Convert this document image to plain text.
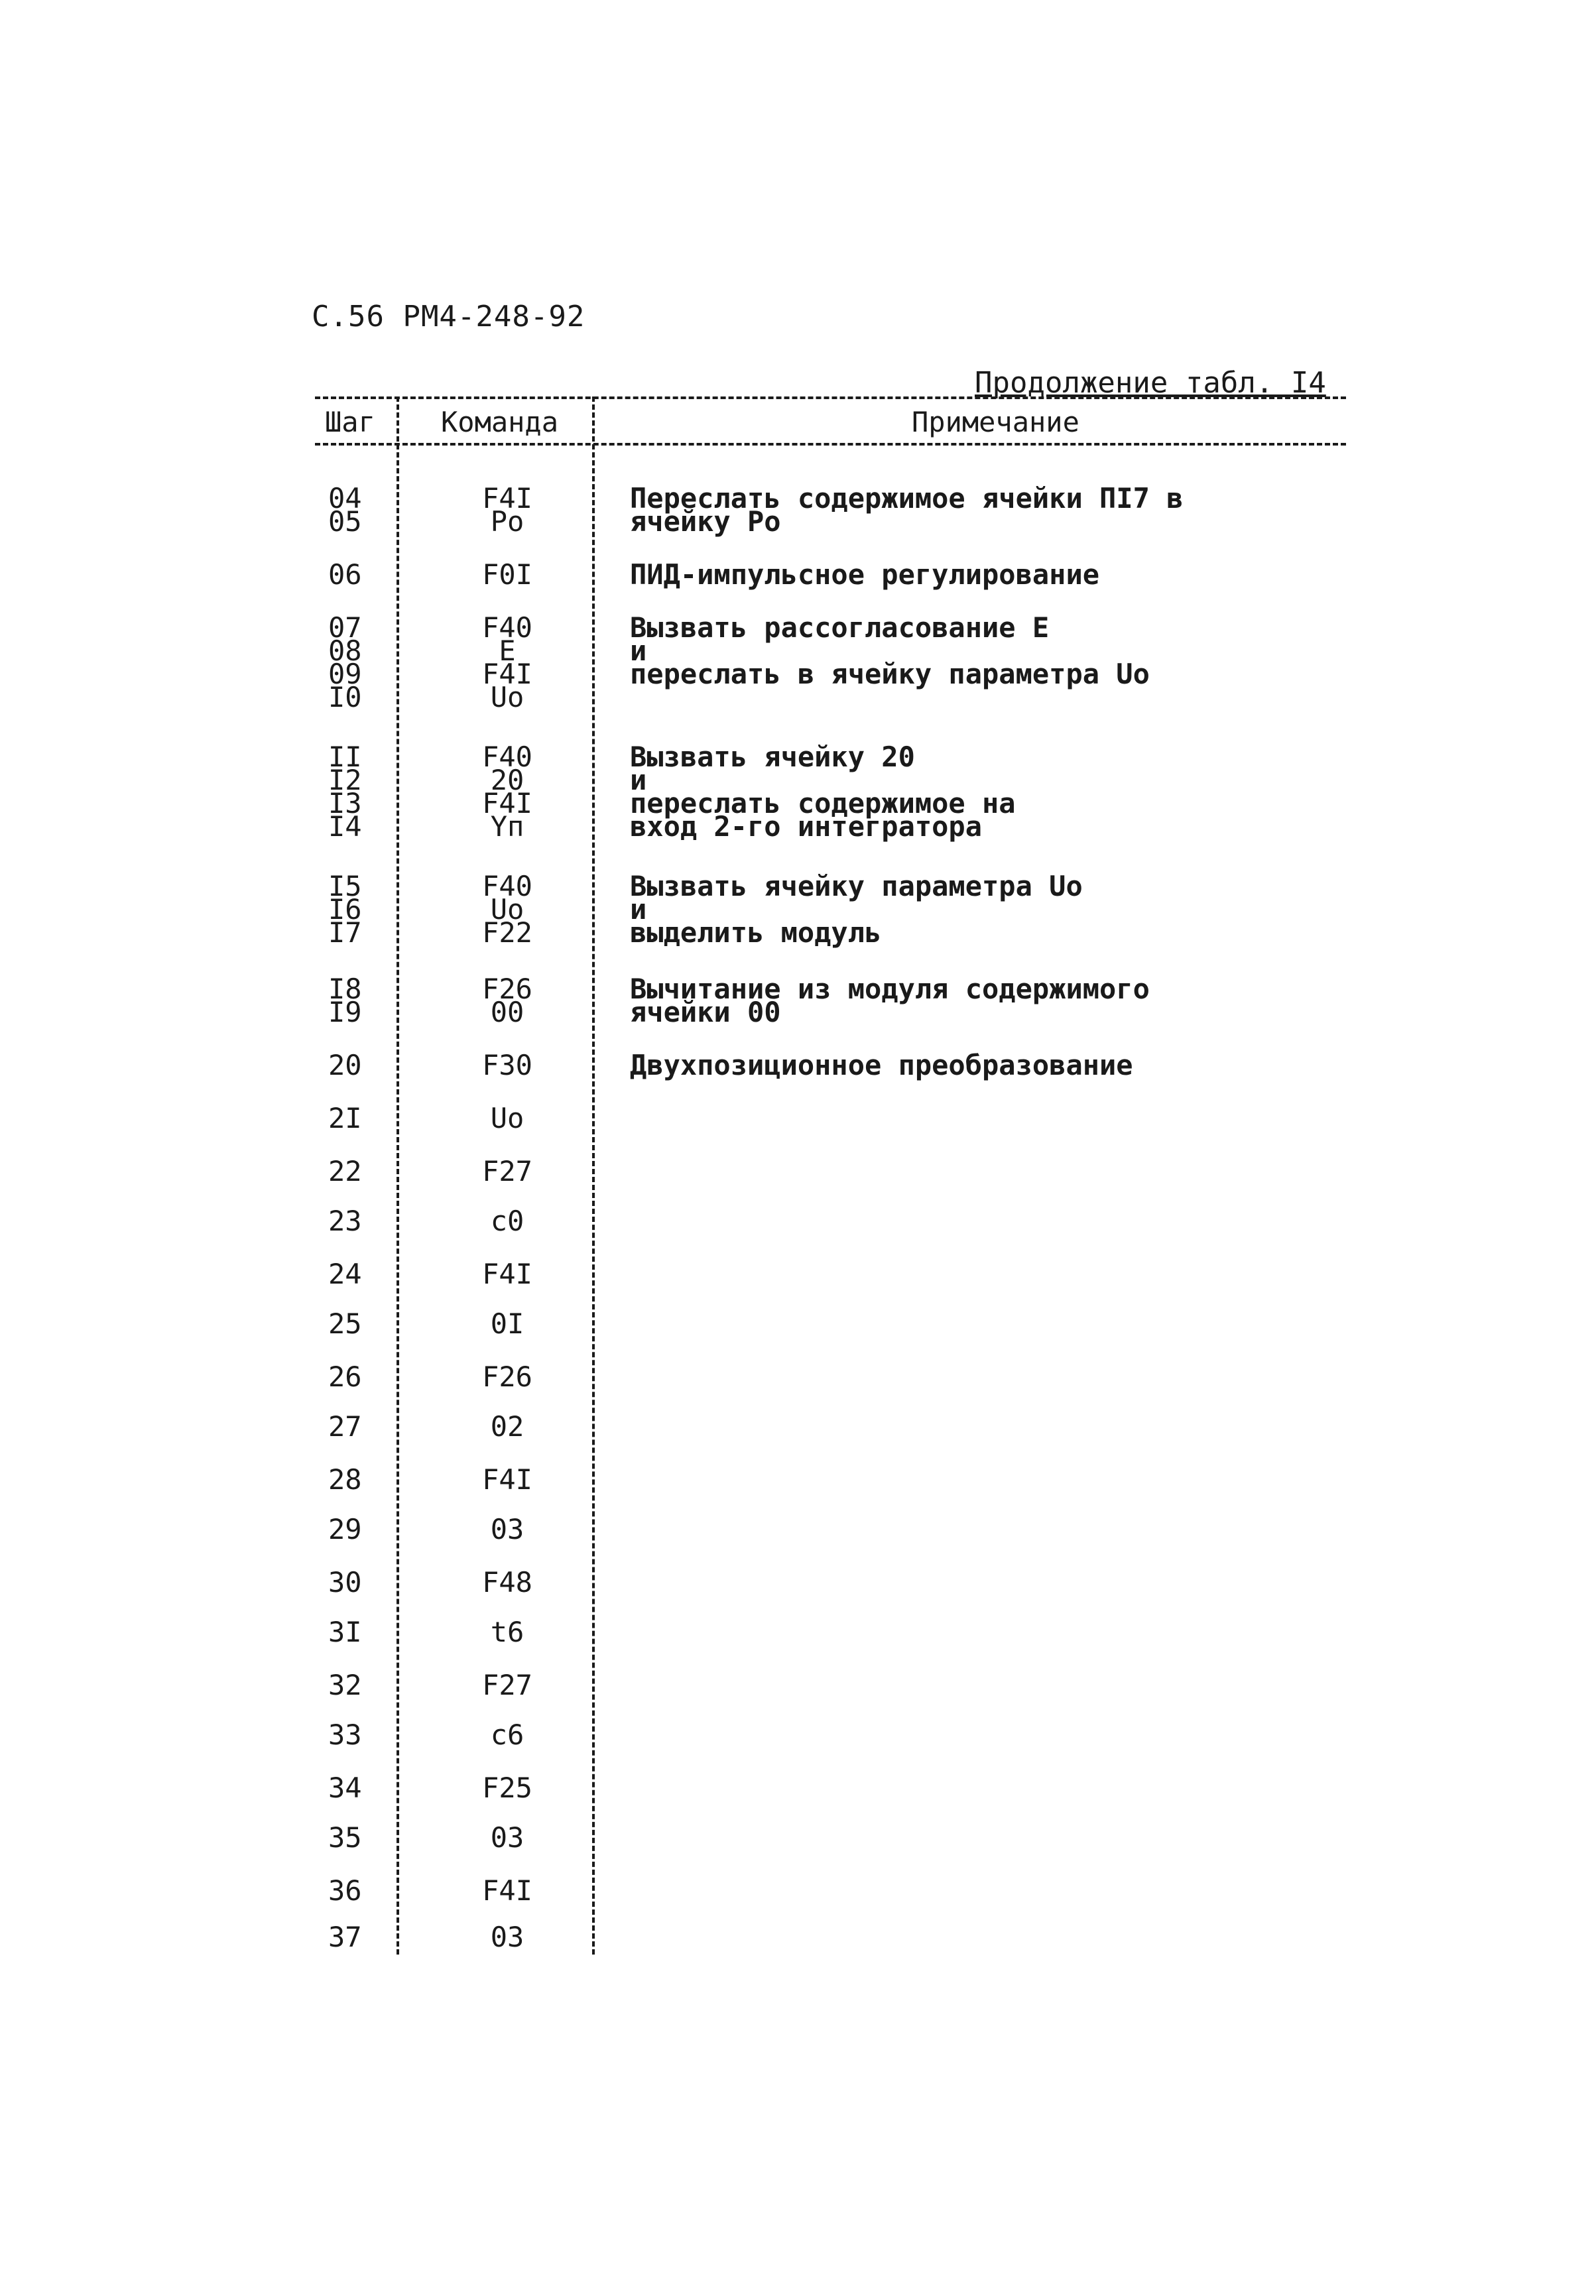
С.56 РМ4-248-92
Продолжение табл. I4
Шаг Команда	Примечание
04	F4I	Переслать содержимое ячейки ПI7 в
05	Po	ячейку Po
06	F0I	ПИД-импульсное регулирование
07	F40	Вызвать рассогласование E
08	E	и
09	F4I	переслать в ячейку параметра Uo
I0	Uo
II	F40	Вызвать ячейку 20
I2	20	и
I3	F4I	переслать содержимое на
I4	Yп	вход 2-го интегратора
I5	F40	Вызвать ячейку параметра Uo
I6	Uo	и
I7	F22	выделить модуль
I8	F26	Вычитание из модуля содержимого
I9	00	ячейки 00
20	F30	Двухпозиционное преобразование
2I	Uo
22	F27
23	c0
24	F4I
25	0I
26	F26
27	02
28	F4I
29	03
30	F48
3I	t6
32	F27
33	c6
34	F25
35	03
36	F4I
37	03
